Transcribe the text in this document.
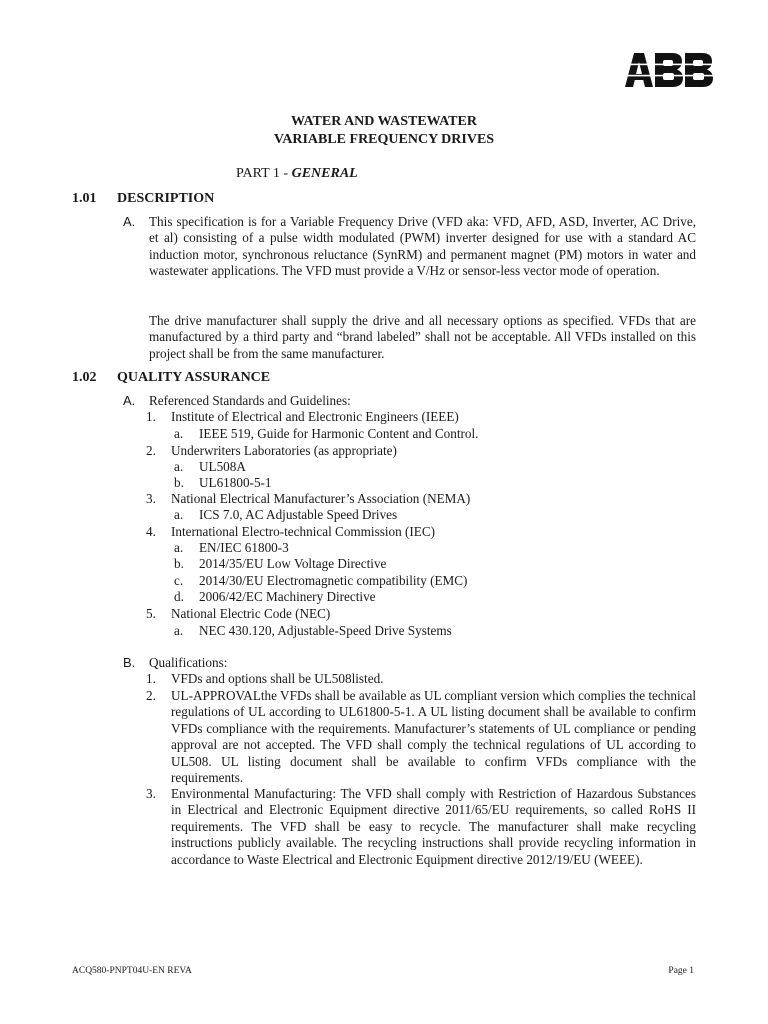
WATER AND WASTEWATER
VARIABLE FREQUENCY DRIVES
PART 1 - GENERAL
1.01 DESCRIPTION
A. This specification is for a Variable Frequency Drive (VFD aka: VFD, AFD, ASD, Inverter, AC Drive, et al) consisting of a pulse width modulated (PWM) inverter designed for use with a standard AC induction motor, synchronous reluctance (SynRM) and permanent magnet (PM) motors in water and wastewater applications. The VFD must provide a V/Hz or sensor-less vector mode of operation.
The drive manufacturer shall supply the drive and all necessary options as specified. VFDs that are manufactured by a third party and “brand labeled” shall not be acceptable. All VFDs installed on this project shall be from the same manufacturer.
1.02 QUALITY ASSURANCE
A. Referenced Standards and Guidelines:
1. Institute of Electrical and Electronic Engineers (IEEE)
a. IEEE 519, Guide for Harmonic Content and Control.
2. Underwriters Laboratories (as appropriate)
a. UL508A
b. UL61800-5-1
3. National Electrical Manufacturer’s Association (NEMA)
a. ICS 7.0, AC Adjustable Speed Drives
4. International Electro-technical Commission (IEC)
a. EN/IEC 61800-3
b. 2014/35/EU Low Voltage Directive
c. 2014/30/EU Electromagnetic compatibility (EMC)
d. 2006/42/EC Machinery Directive
5. National Electric Code (NEC)
a. NEC 430.120, Adjustable-Speed Drive Systems
B. Qualifications:
1. VFDs and options shall be UL508listed.
2. UL-APPROVALthe VFDs shall be available as UL compliant version which complies the technical regulations of UL according to UL61800-5-1. A UL listing document shall be available to confirm VFDs compliance with the requirements. Manufacturer’s statements of UL compliance or pending approval are not accepted. The VFD shall comply the technical regulations of UL according to UL508. UL listing document shall be available to confirm VFDs compliance with the requirements.
3. Environmental Manufacturing: The VFD shall comply with Restriction of Hazardous Substances in Electrical and Electronic Equipment directive 2011/65/EU requirements, so called RoHS II requirements. The VFD shall be easy to recycle. The manufacturer shall make recycling instructions publicly available. The recycling instructions shall provide recycling information in accordance to Waste Electrical and Electronic Equipment directive 2012/19/EU (WEEE).
ACQ580-PNPT04U-EN REVA	Page 1
